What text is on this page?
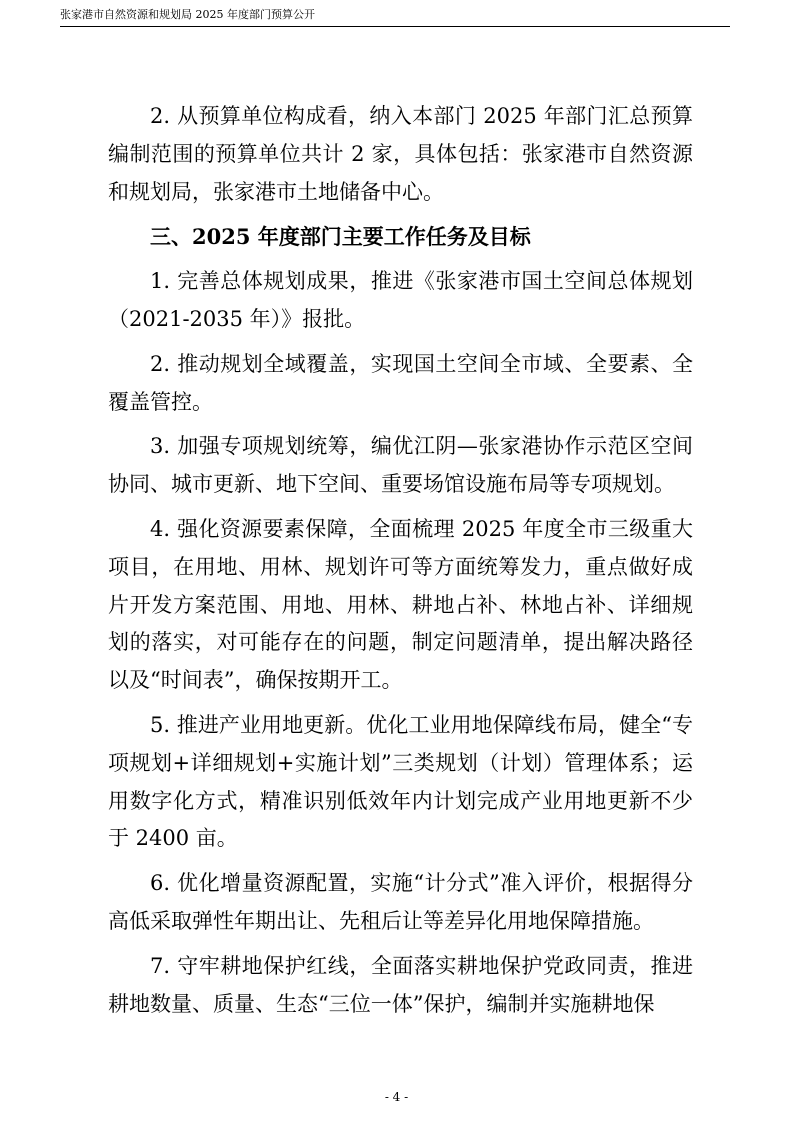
张家港市自然资源和规划局 2025 年度部门预算公开

2. 从预算单位构成看，纳入本部门 2025 年部门汇总预算编制范围的预算单位共计 2 家，具体包括：张家港市自然资源和规划局，张家港市土地储备中心。

三、2025 年度部门主要工作任务及目标

1. 完善总体规划成果，推进《张家港市国土空间总体规划（2021-2035 年）》报批。

2. 推动规划全域覆盖，实现国土空间全市域、全要素、全覆盖管控。

3. 加强专项规划统筹，编优江阴—张家港协作示范区空间协同、城市更新、地下空间、重要场馆设施布局等专项规划。

4. 强化资源要素保障，全面梳理 2025 年度全市三级重大项目，在用地、用林、规划许可等方面统筹发力，重点做好成片开发方案范围、用地、用林、耕地占补、林地占补、详细规划的落实，对可能存在的问题，制定问题清单，提出解决路径以及“时间表”，确保按期开工。

5. 推进产业用地更新。优化工业用地保障线布局，健全“专项规划+详细规划+实施计划”三类规划（计划）管理体系；运用数字化方式，精准识别低效年内计划完成产业用地更新不少于 2400 亩。

6. 优化增量资源配置，实施“计分式”准入评价，根据得分高低采取弹性年期出让、先租后让等差异化用地保障措施。

7. 守牢耕地保护红线，全面落实耕地保护党政同责，推进耕地数量、质量、生态“三位一体”保护，编制并实施耕地保

- 4 -
